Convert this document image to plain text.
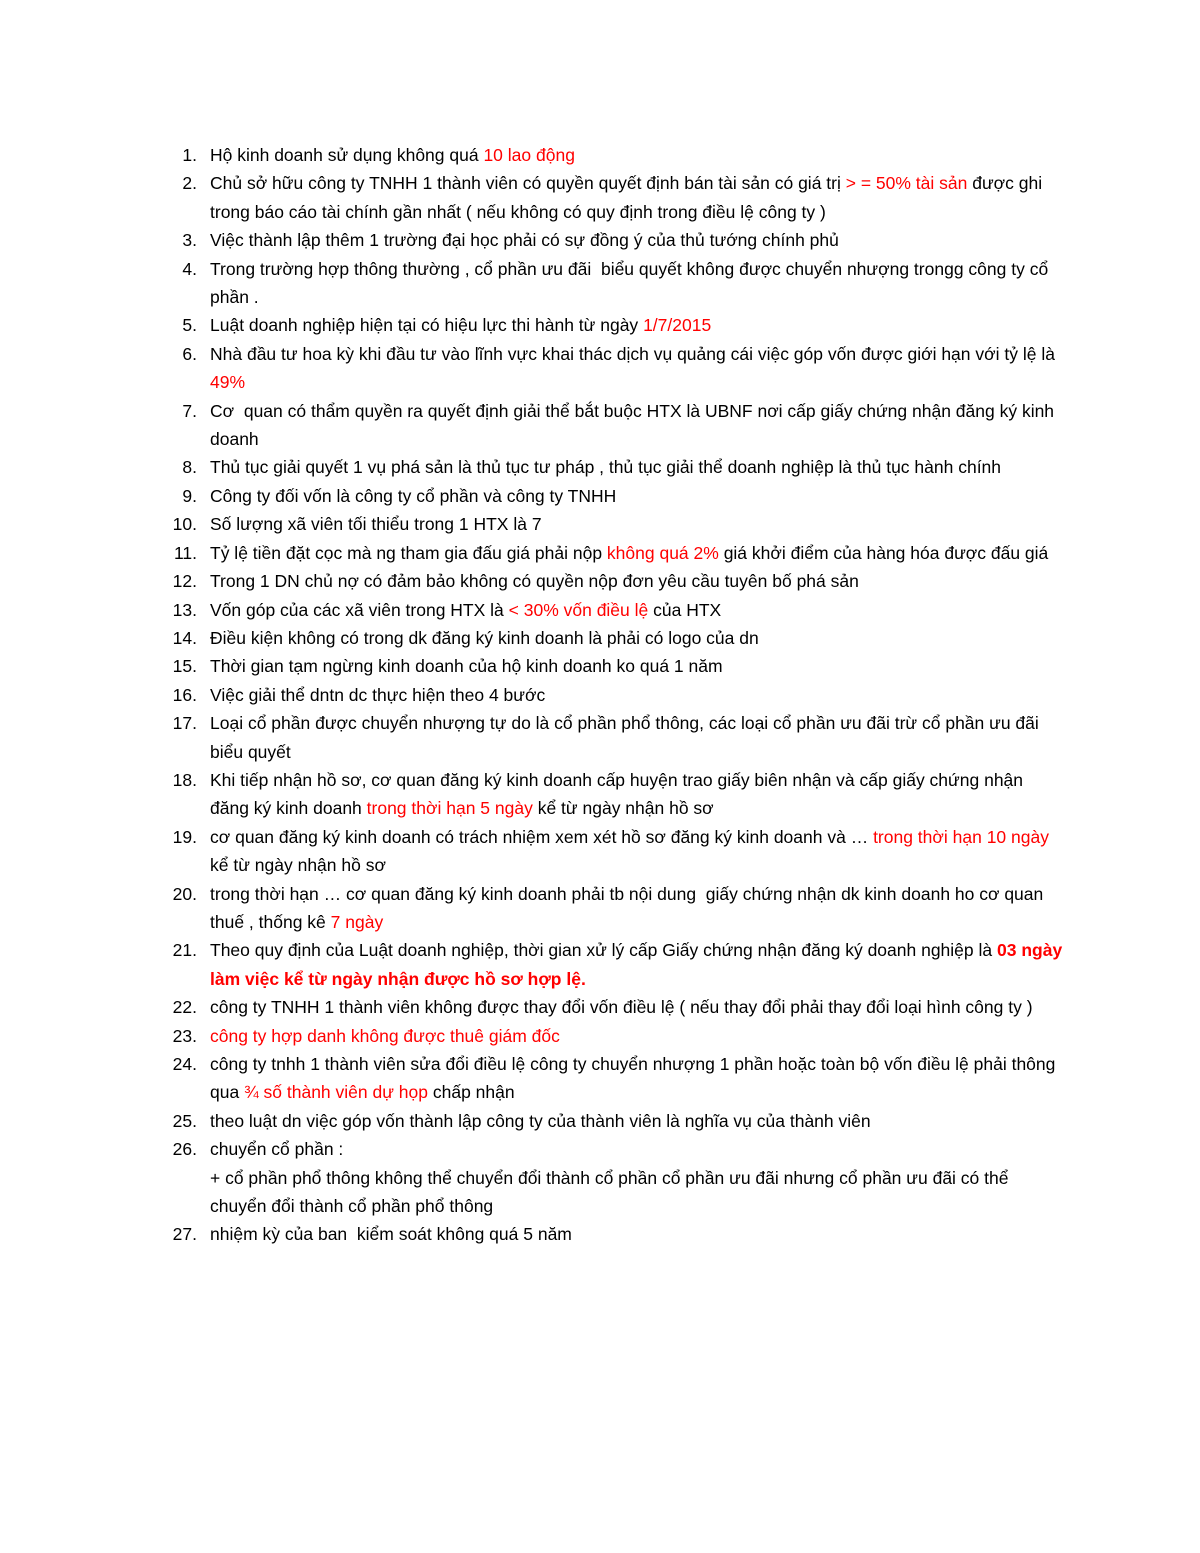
1. Hộ kinh doanh sử dụng không quá 10 lao động
2. Chủ sở hữu công ty TNHH 1 thành viên có quyền quyết định bán tài sản có giá trị > = 50% tài sản được ghi trong báo cáo tài chính gần nhất ( nếu không có quy định trong điều lệ công ty )
3. Việc thành lập thêm 1 trường đại học phải có sự đồng ý của thủ tướng chính phủ
4. Trong trường hợp thông thường , cổ phần ưu đãi  biểu quyết không được chuyển nhượng trongg công ty cổ phần .
5. Luật doanh nghiệp hiện tại có hiệu lực thi hành từ ngày 1/7/2015
6. Nhà đầu tư hoa kỳ khi đầu tư vào lĩnh vực khai thác dịch vụ quảng cái việc góp vốn được giới hạn với tỷ lệ là 49%
7. Cơ  quan có thẩm quyền ra quyết định giải thể bắt buộc HTX là UBNF nơi cấp giấy chứng nhận đăng ký kinh doanh
8. Thủ tục giải quyết 1 vụ phá sản là thủ tục tư pháp , thủ tục giải thể doanh nghiệp là thủ tục hành chính
9. Công ty đối vốn là công ty cổ phần và công ty TNHH
10. Số lượng xã viên tối thiểu trong 1 HTX là 7
11. Tỷ lệ tiền đặt cọc mà ng tham gia đấu giá phải nộp không quá 2% giá khởi điểm của hàng hóa được đấu giá
12. Trong 1 DN chủ nợ có đảm bảo không có quyền nộp đơn yêu cầu tuyên bố phá sản
13. Vốn góp của các xã viên trong HTX là < 30% vốn điều lệ của HTX
14. Điều kiện không có trong dk đăng ký kinh doanh là phải có logo của dn
15. Thời gian tạm ngừng kinh doanh của hộ kinh doanh ko quá 1 năm
16. Việc giải thể dntn dc thực hiện theo 4 bước
17. Loại cổ phần được chuyển nhượng tự do là cổ phần phổ thông, các loại cổ phần ưu đãi trừ cổ phần ưu đãi biểu quyết
18. Khi tiếp nhận hồ sơ, cơ quan đăng ký kinh doanh cấp huyện trao giấy biên nhận và cấp giấy chứng nhận đăng ký kinh doanh trong thời hạn 5 ngày kể từ ngày nhận hồ sơ
19. cơ quan đăng ký kinh doanh có trách nhiệm xem xét hồ sơ đăng ký kinh doanh và … trong thời hạn 10 ngày kể từ ngày nhận hồ sơ
20. trong thời hạn … cơ quan đăng ký kinh doanh phải tb nội dung  giấy chứng nhận dk kinh doanh ho cơ quan thuế , thống kê 7 ngày
21. Theo quy định của Luật doanh nghiệp, thời gian xử lý cấp Giấy chứng nhận đăng ký doanh nghiệp là 03 ngày làm việc kể từ ngày nhận được hồ sơ hợp lệ.
22. công ty TNHH 1 thành viên không được thay đổi vốn điều lệ ( nếu thay đổi phải thay đổi loại hình công ty )
23. công ty hợp danh không được thuê giám đốc
24. công ty tnhh 1 thành viên sửa đổi điều lệ công ty chuyển nhượng 1 phần hoặc toàn bộ vốn điều lệ phải thông qua ¾ số thành viên dự họp chấp nhận
25. theo luật dn việc góp vốn thành lập công ty của thành viên là nghĩa vụ của thành viên
26. chuyển cổ phần :
+ cổ phần phổ thông không thể chuyển đổi thành cổ phần cổ phần ưu đãi nhưng cổ phần ưu đãi có thể chuyển đổi thành cổ phần phổ thông
27. nhiệm kỳ của ban  kiểm soát không quá 5 năm
